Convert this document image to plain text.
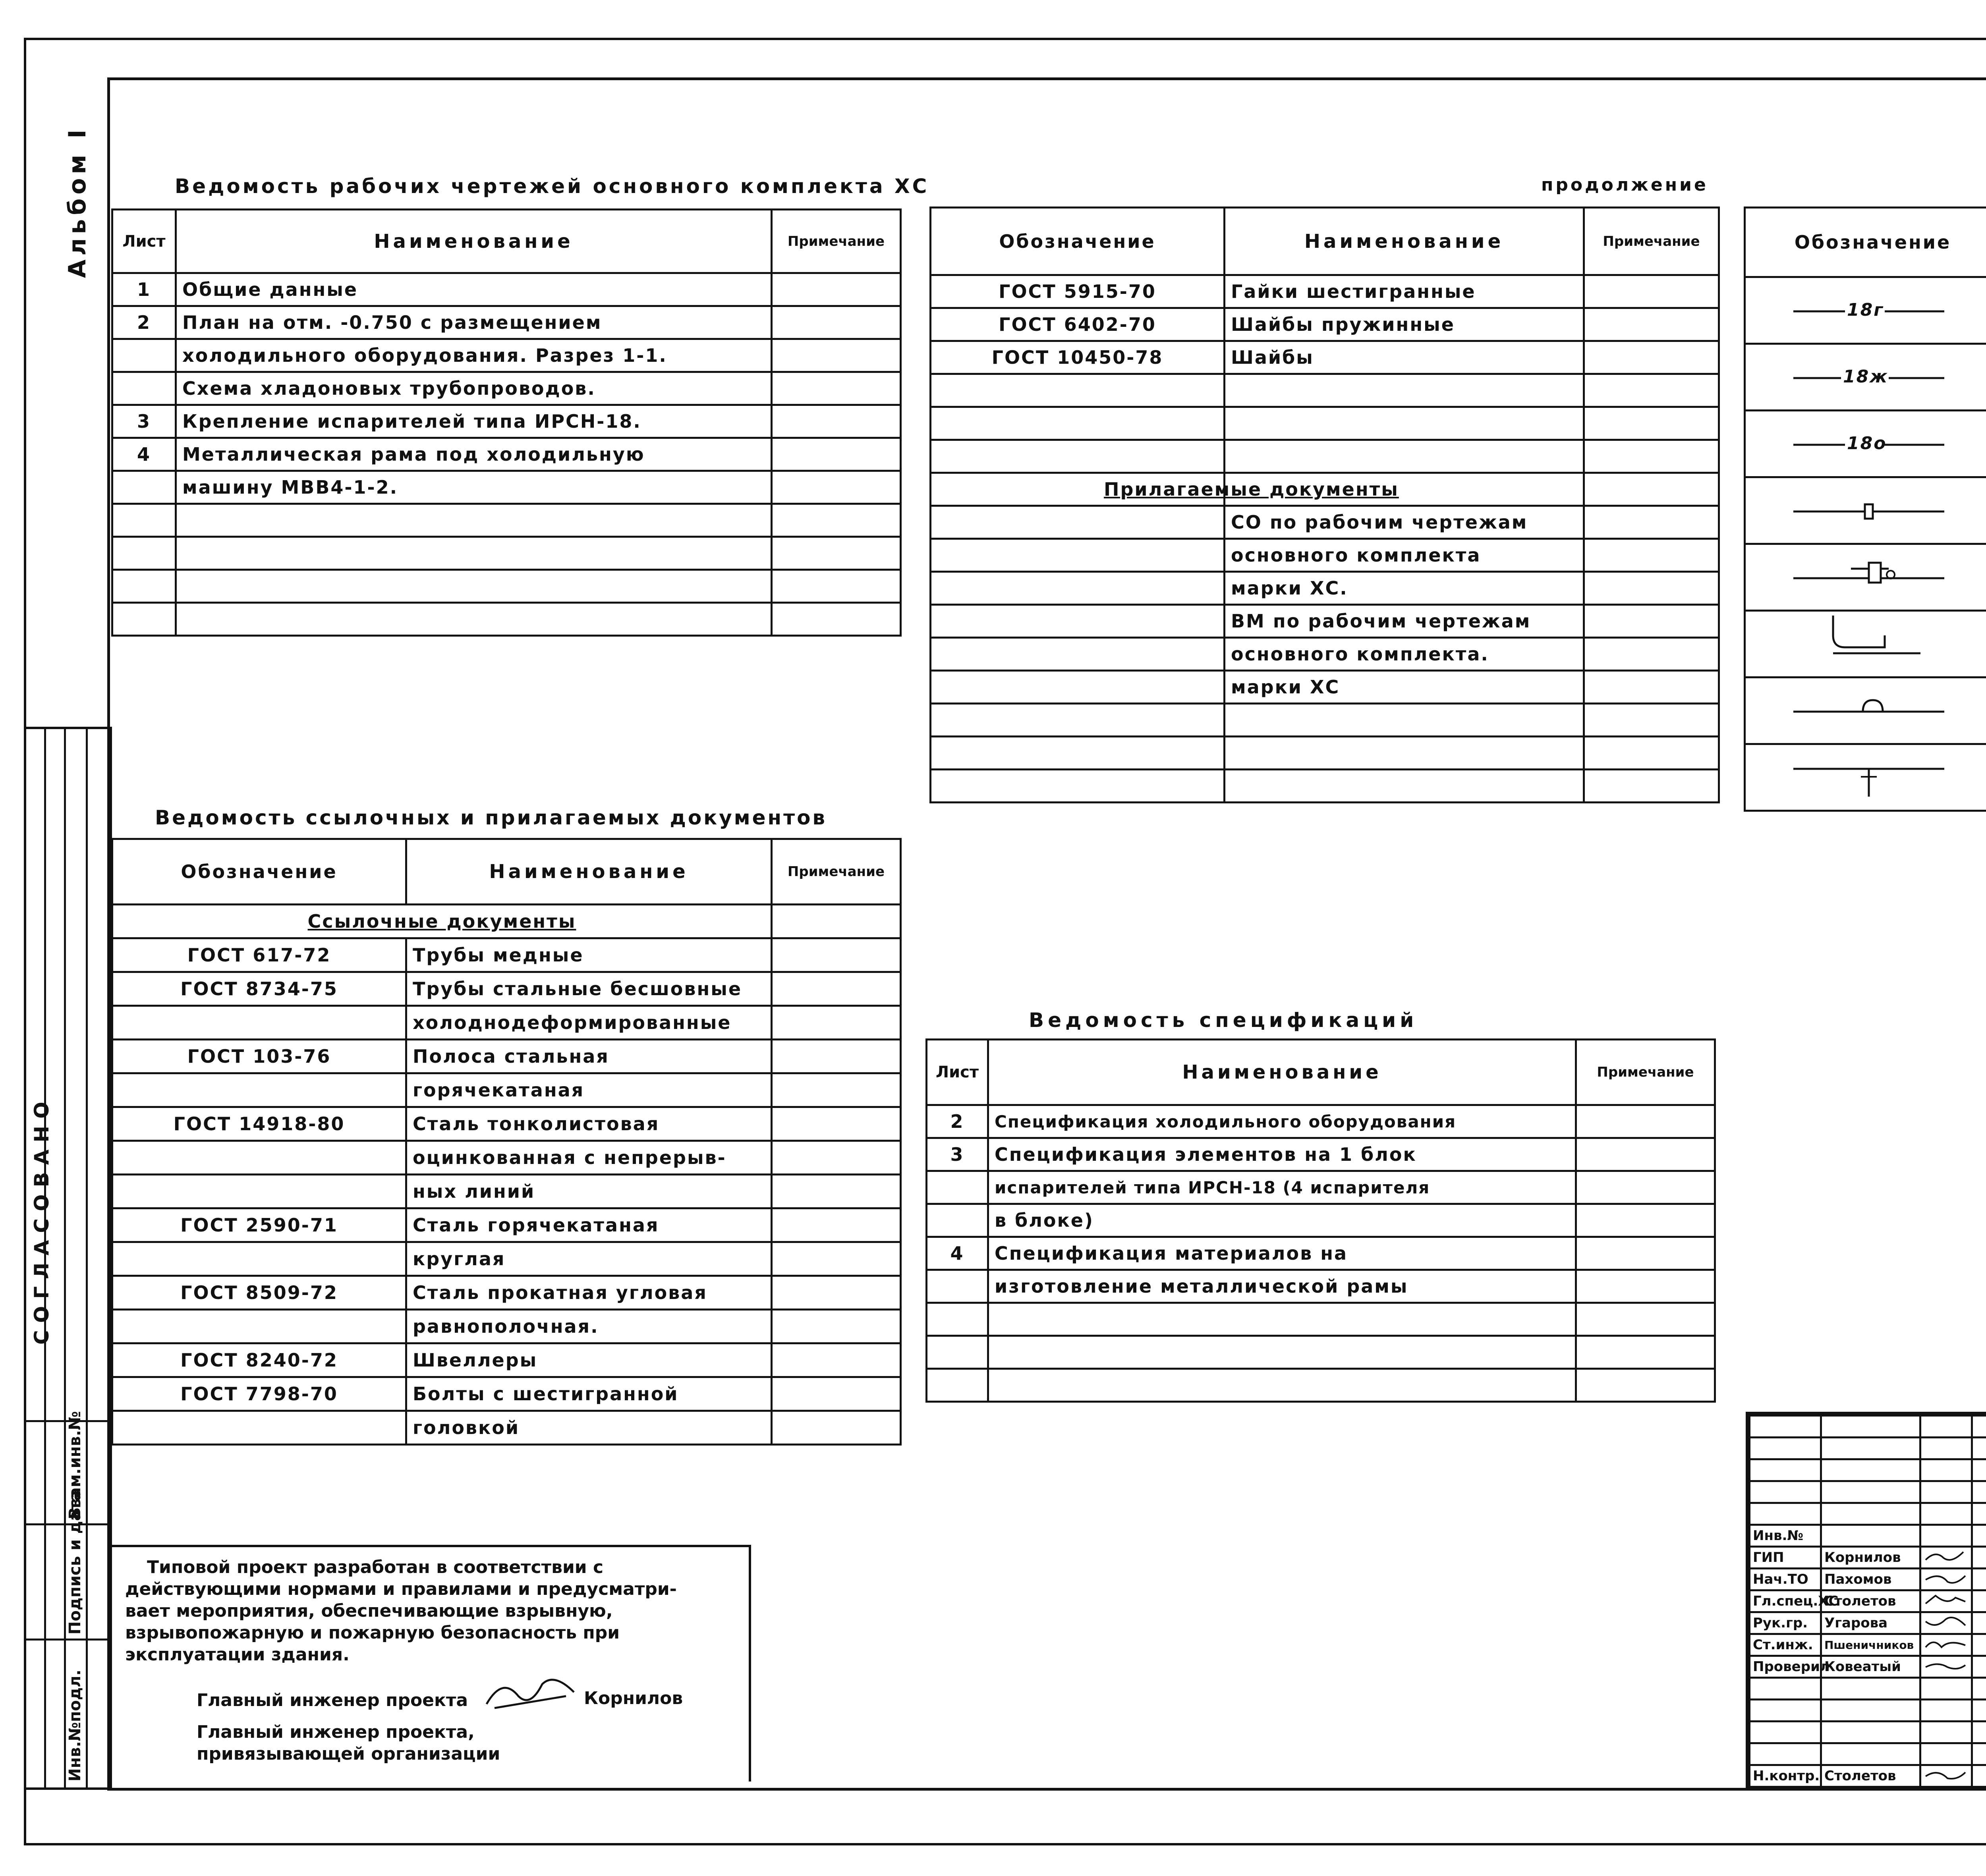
Альбом I
СОГЛАСОВАНО
Взам.инв.№
Подпись и дата
Инв.№подл.
Ведомость рабочих чертежей основного комплекта ХС
Лист	Наименование	Примечание
1	Общие данные	
2	План на отм. -0.750 с размещением	
	холодильного оборудования. Разрез 1-1.	
	Схема хладоновых трубопроводов.	
3	Крепление испарителей типа ИРСН-18.	
4	Металлическая рама под холодильную	
	машину МВВ4-1-2.	

продолжение
Обозначение	Наименование	Примечание
ГОСТ 5915-70	Гайки шестигранные	
ГОСТ 6402-70	Шайбы пружинные	
ГОСТ 10450-78	Шайбы	

Прилагаемые документы		
	СО по рабочим чертежам	
	основного комплекта	
	марки ХС.	
	ВМ по рабочим чертежам	
	основного комплекта.	
	марки ХС	

Обозначение		

18г

18ж

18о

Ведомость ссылочных и прилагаемых документов
Обозначение	Наименование	Примечание
Ссылочные документы		
ГОСТ 617-72	Трубы медные	
ГОСТ 8734-75	Трубы стальные бесшовные	
	холоднодеформированные	
ГОСТ 103-76	Полоса стальная	
	горячекатаная	
ГОСТ 14918-80	Сталь тонколистовая	
	оцинкованная с непрерыв-	
	ных линий	
ГОСТ 2590-71	Сталь горячекатаная	
	круглая	
ГОСТ 8509-72	Сталь прокатная угловая	
	равнополочная.	
ГОСТ 8240-72	Швеллеры	
ГОСТ 7798-70	Болты с шестигранной	
	головкой	
Ведомость спецификаций
Лист	Наименование	Примечание
2	Спецификация холодильного оборудования	
3	Спецификация элементов на 1 блок	
	испарителей типа ИРСН-18 (4 испарителя	
	в блоке)	
4	Спецификация материалов на	
	изготовление металлической рамы	

Типовой проект разработан в соответствии с
действующими нормами и правилами и предусматри-
вает мероприятия, обеспечивающие взрывную,
взрывопожарную и пожарную безопасность при
эксплуатации здания.
Главный инженер проекта	Корнилов
Главный инженер проекта,
привязывающей организации

Инв.№			
ГИП	Корнилов		
Нач.ТО	Пахомов		
Гл.спец.ХС	Столетов		
Рук.гр.	Угарова		
Ст.инж.	Пшеничников		
Проверил	Ковеатый		

Н.контр.	Столетов		
